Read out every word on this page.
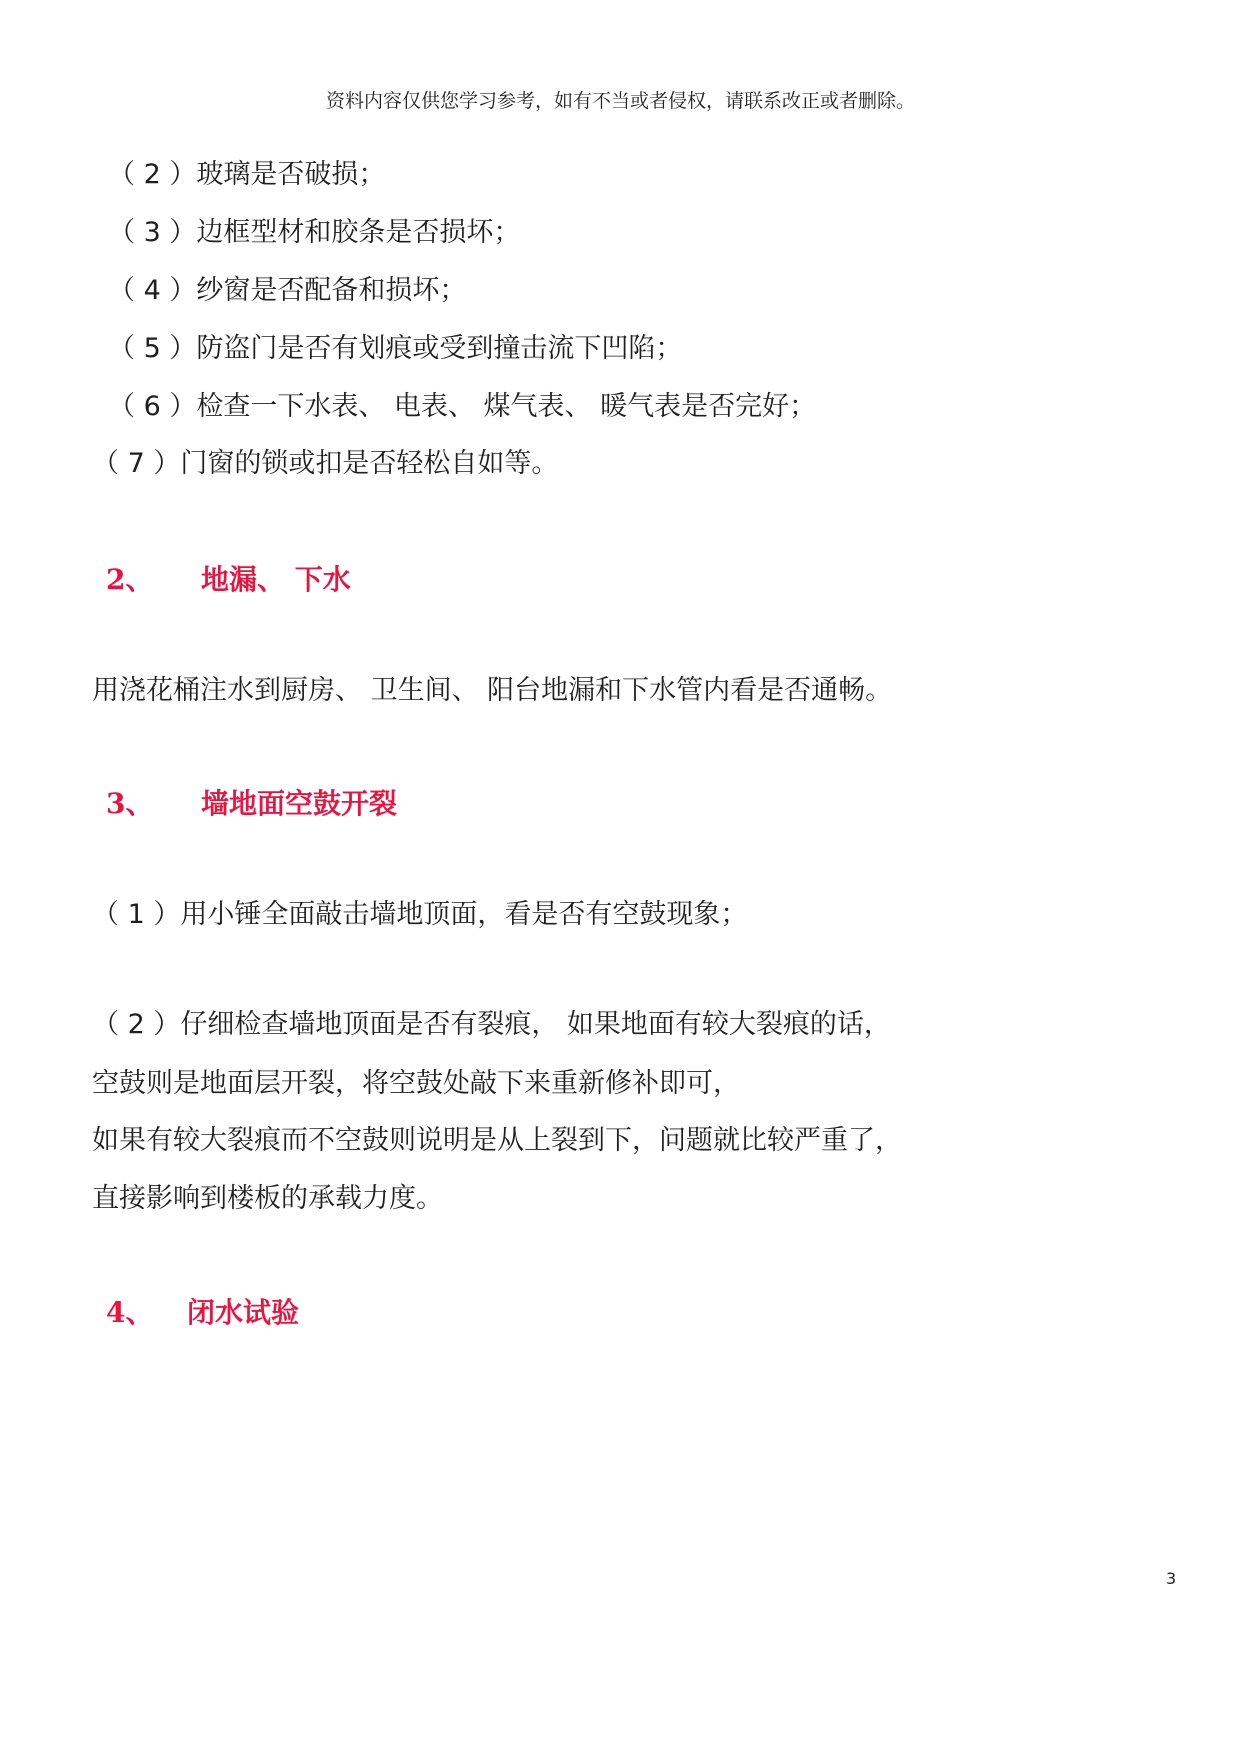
资料内容仅供您学习参考，如有不当或者侵权，请联系改正或者删除。
（ 2 ）玻璃是否破损；
（ 3 ）边框型材和胶条是否损坏；
（ 4 ）纱窗是否配备和损坏；
（ 5 ）防盗门是否有划痕或受到撞击流下凹陷；
（ 6 ）检查一下水表、 电表、 煤气表、 暖气表是否完好；
（ 7 ）门窗的锁或扣是否轻松自如等。
2、 地漏、 下水
用浇花桶注水到厨房、 卫生间、 阳台地漏和下水管内看是否通畅。
3、 墙地面空鼓开裂
（ 1 ）用小锤全面敲击墙地顶面，看是否有空鼓现象；
（ 2 ）仔细检查墙地顶面是否有裂痕， 如果地面有较大裂痕的话，
空鼓则是地面层开裂，将空鼓处敲下来重新修补即可，
如果有较大裂痕而不空鼓则说明是从上裂到下，问题就比较严重了，
直接影响到楼板的承载力度。
4、 闭水试验
3
